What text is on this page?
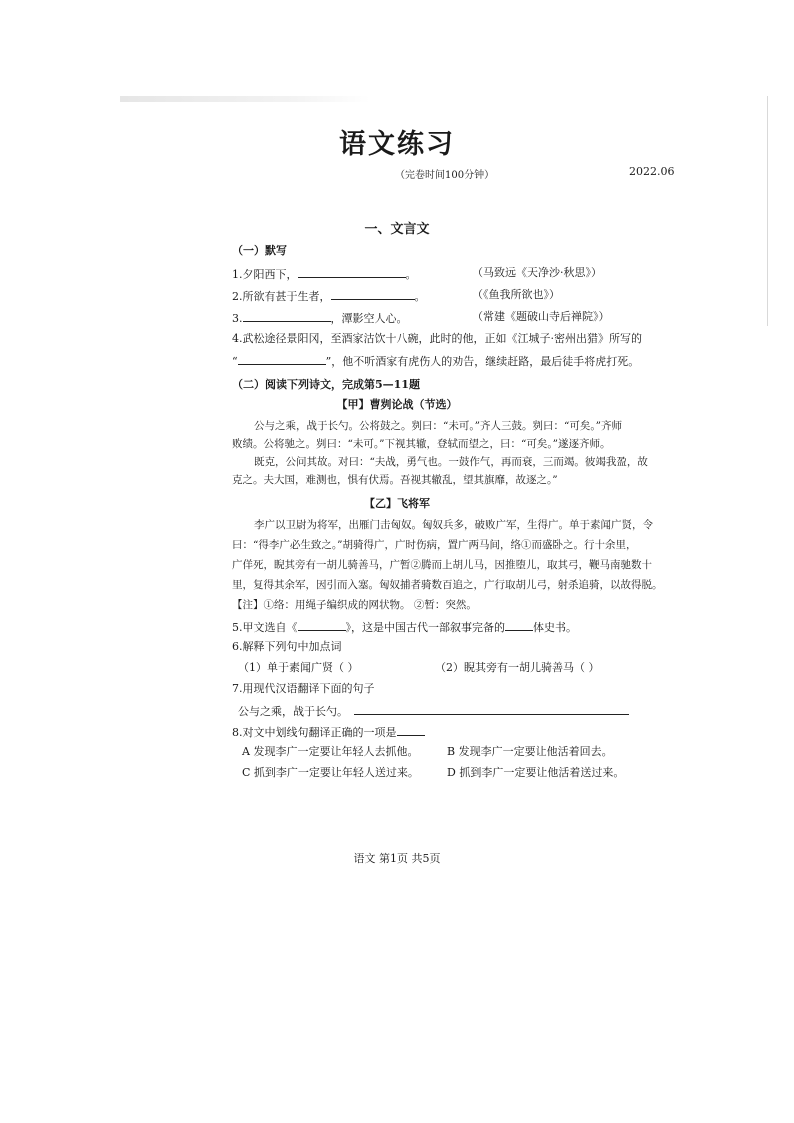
语文练习
（完卷时间100分钟）	2022.06
一、文言文
（一）默写
1.夕阳西下，	。	（马致远《天净沙·秋思》）
2.所欲有甚于生者，	。	（《鱼我所欲也》）
3.	，潭影空人心。	（常建《题破山寺后禅院》）
4.武松途径景阳冈，至酒家沽饮十八碗，此时的他，正如《江城子·密州出猎》所写的
“	”，他不听酒家有虎伤人的劝告，继续赶路，最后徒手将虎打死。
（二）阅读下列诗文，完成第5—11题
【甲】曹刿论战（节选）
公与之乘，战于长勺。公将鼓之。刿曰：“未可。”齐人三鼓。刿曰：“可矣。”齐师
败绩。公将驰之。刿曰：“未可。”下视其辙，登轼而望之，曰：“可矣。”遂逐齐师。
既克，公问其故。对曰：“夫战，勇气也。一鼓作气，再而衰，三而竭。彼竭我盈，故
克之。夫大国，难测也，惧有伏焉。吾视其辙乱，望其旗靡，故逐之。”
【乙】飞将军
李广以卫尉为将军，出雁门击匈奴。匈奴兵多，破败广军，生得广。单于素闻广贤，令
曰：“得李广必生致之。”胡骑得广，广时伤病，置广两马间，络①而盛卧之。行十余里，
广佯死，睨其旁有一胡儿骑善马，广暂②腾而上胡儿马，因推堕儿，取其弓，鞭马南驰数十
里，复得其余军，因引而入塞。匈奴捕者骑数百追之，广行取胡儿弓，射杀追骑，以故得脱。
【注】①络：用绳子编织成的网状物。 ②暂：突然。
5.甲文选自《	》，这是中国古代一部叙事完备的	体史书。
6.解释下列句中加点词
（1）单于素闻广贤（ ）	（2）睨其旁有一胡儿骑善马（ ）
7.用现代汉语翻译下面的句子
公与之乘，战于长勺。
8.对文中划线句翻译正确的一项是
A 发现李广一定要让年轻人去抓他。	B 发现李广一定要让他活着回去。
C 抓到李广一定要让年轻人送过来。	D 抓到李广一定要让他活着送过来。
语文 第1页 共5页
